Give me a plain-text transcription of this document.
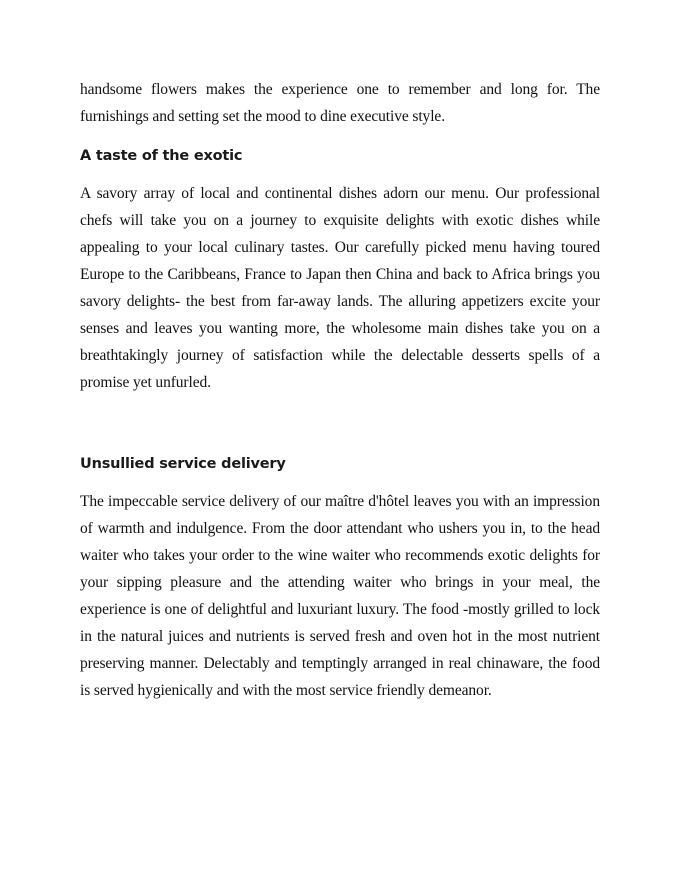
handsome flowers makes the experience one to remember and long for. The furnishings and setting set the mood to dine executive style.

A taste of the exotic

A savory array of local and continental dishes adorn our menu. Our professional chefs will take you on a journey to exquisite delights with exotic dishes while appealing to your local culinary tastes. Our carefully picked menu having toured Europe to the Caribbeans, France to Japan then China and back to Africa brings you savory delights- the best from far-away lands. The alluring appetizers excite your senses and leaves you wanting more, the wholesome main dishes take you on a breathtakingly journey of satisfaction while the delectable desserts spells of a promise yet unfurled.

Unsullied service delivery

The impeccable service delivery of our maître d'hôtel leaves you with an impression of warmth and indulgence. From the door attendant who ushers you in, to the head waiter who takes your order to the wine waiter who recommends exotic delights for your sipping pleasure and the attending waiter who brings in your meal, the experience is one of delightful and luxuriant luxury. The food -mostly grilled to lock in the natural juices and nutrients is served fresh and oven hot in the most nutrient preserving manner. Delectably and temptingly arranged in real chinaware, the food is served hygienically and with the most service friendly demeanor.
